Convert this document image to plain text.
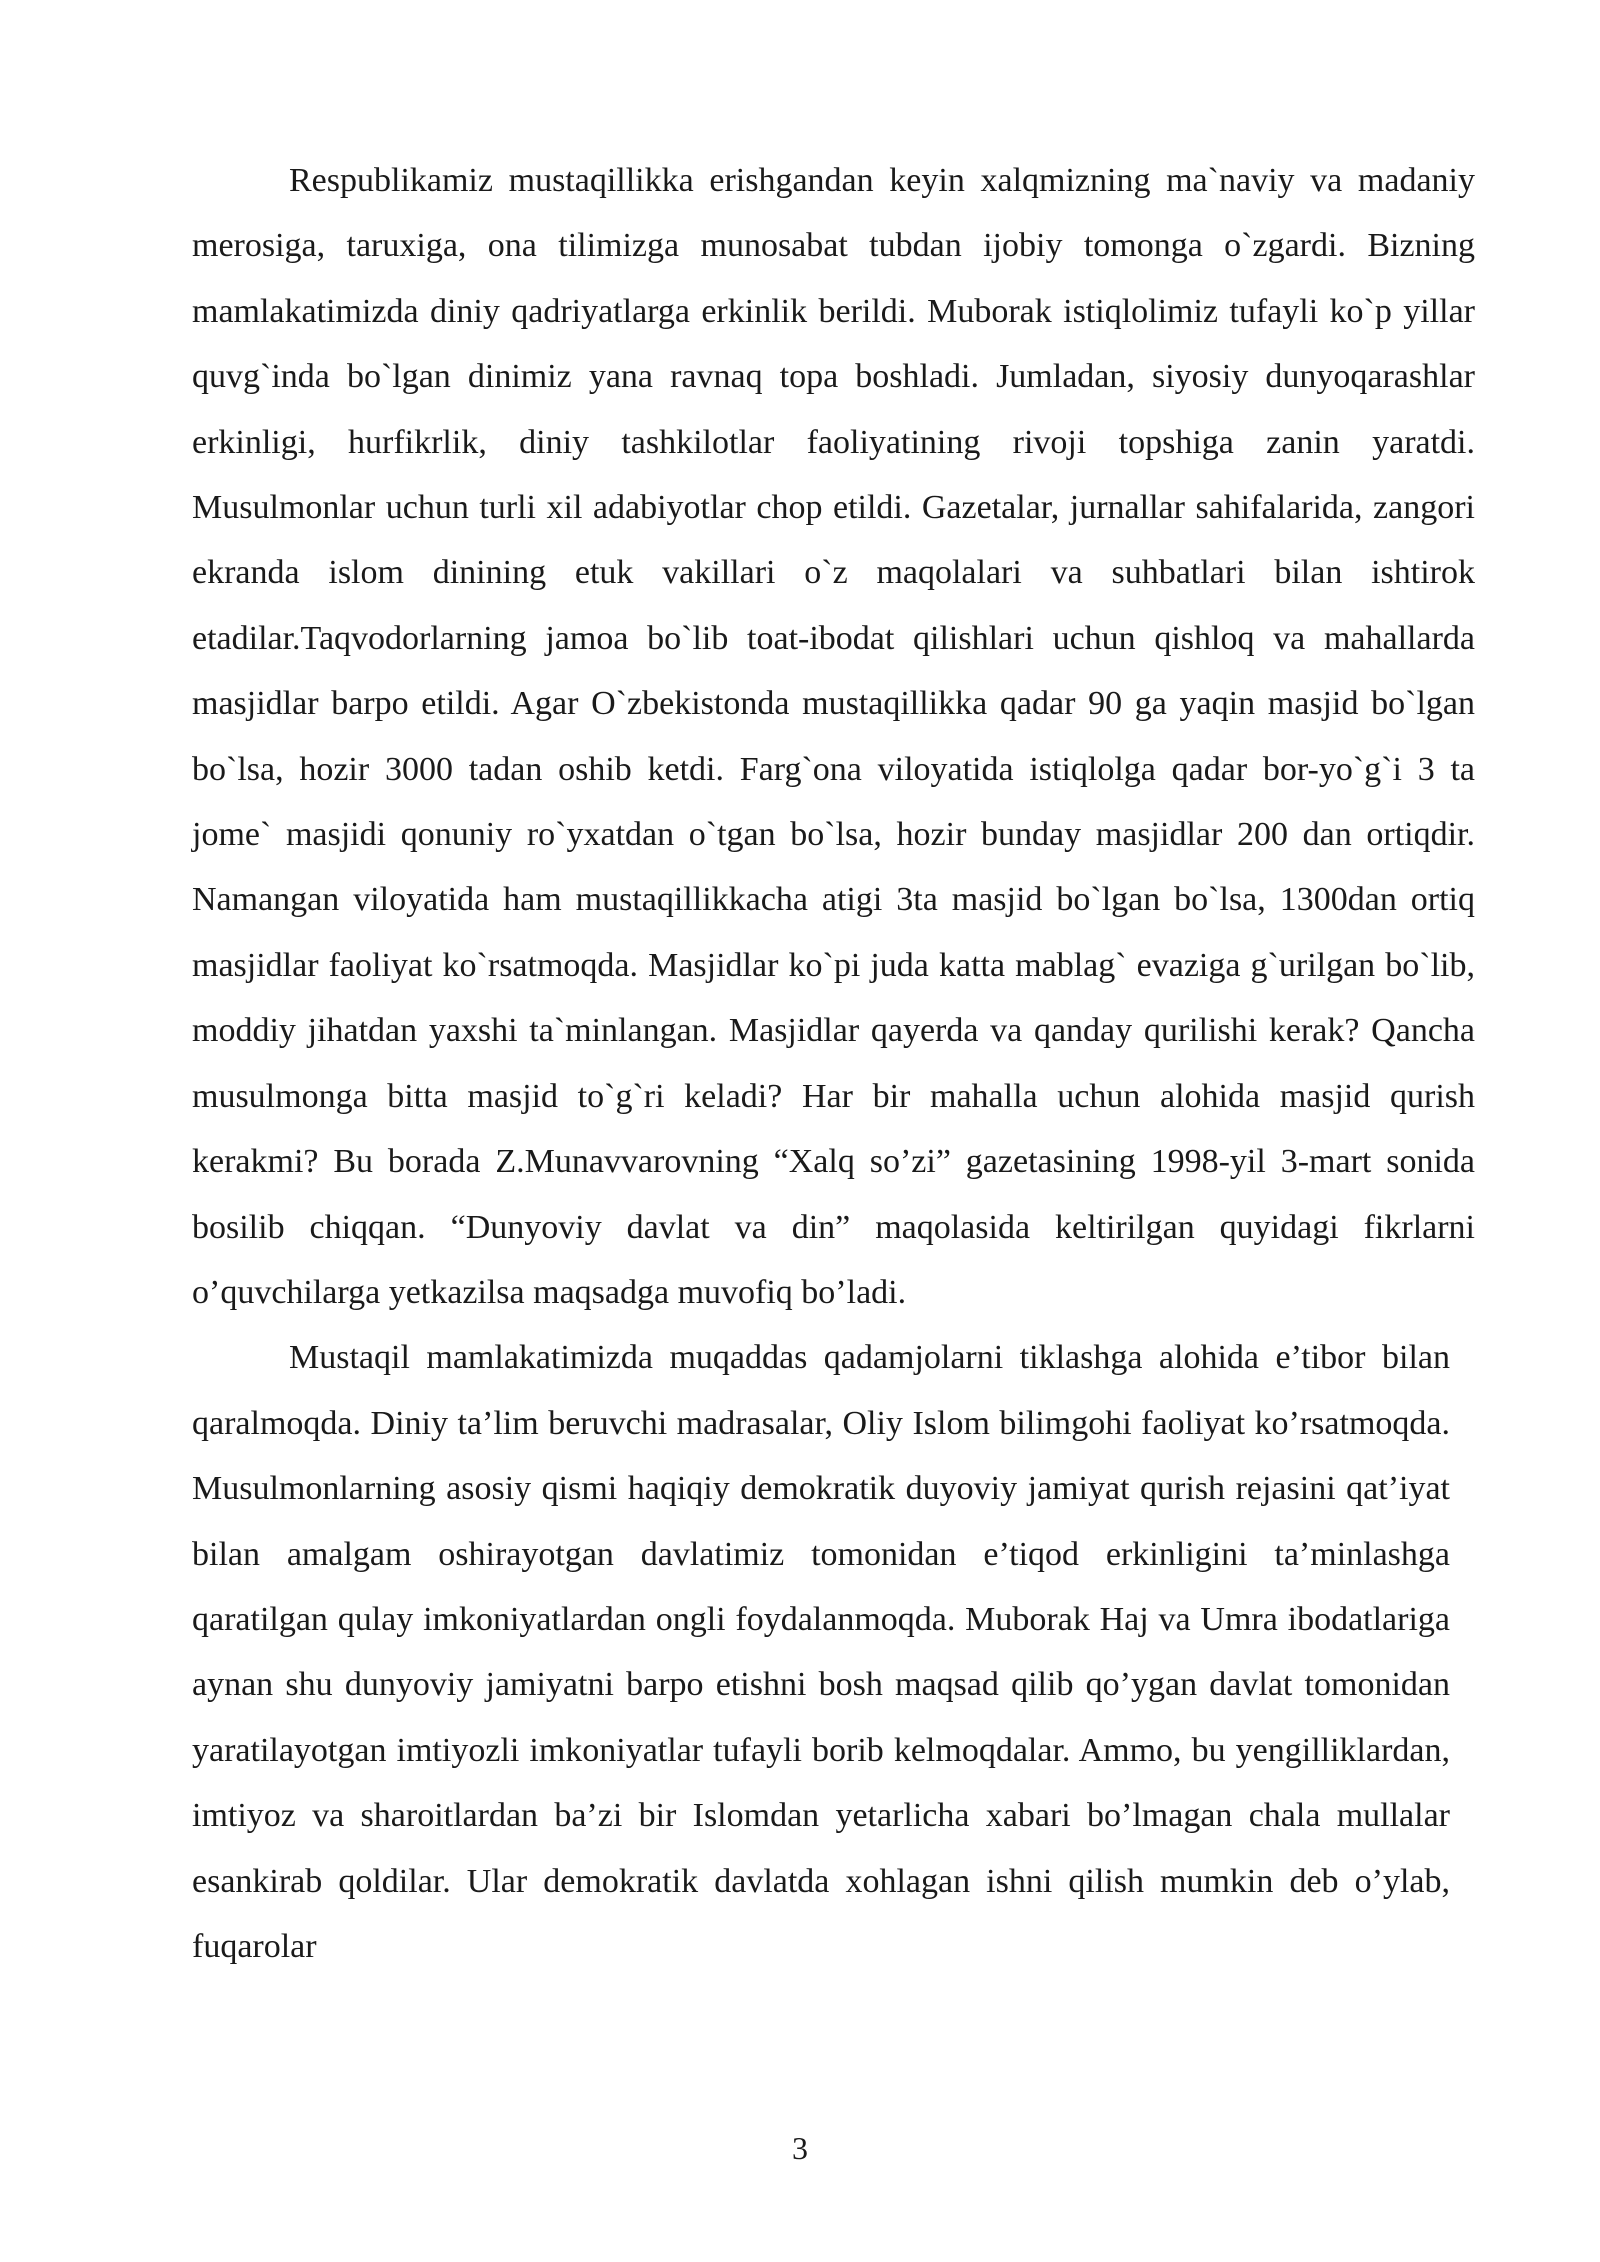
Respublikamiz mustaqillikka erishgandan keyin xalqmizning ma`naviy va madaniy merosiga, taruxiga, ona tilimizga munosabat tubdan ijobiy tomonga o`zgardi. Bizning mamlakatimizda diniy qadriyatlarga erkinlik berildi. Muborak istiqlolimiz tufayli ko`p yillar quvg`inda bo`lgan dinimiz yana ravnaq topa boshladi. Jumladan, siyosiy dunyoqarashlar erkinligi, hurfikrlik, diniy tashkilotlar faoliyatining rivoji topshiga zanin yaratdi. Musulmonlar uchun turli xil adabiyotlar chop etildi. Gazetalar, jurnallar sahifalarida, zangori ekranda islom dinining etuk vakillari o`z maqolalari va suhbatlari bilan ishtirok etadilar.Taqvodorlarning jamoa bo`lib toat-ibodat qilishlari uchun qishloq va mahallarda masjidlar barpo etildi. Agar O`zbekistonda mustaqillikka qadar 90 ga yaqin masjid bo`lgan bo`lsa, hozir 3000 tadan oshib ketdi. Farg`ona viloyatida istiqlolga qadar bor-yo`g`i 3 ta jome` masjidi qonuniy ro`yxatdan o`tgan bo`lsa, hozir bunday masjidlar 200 dan ortiqdir. Namangan viloyatida ham mustaqillikkacha atigi 3ta masjid bo`lgan bo`lsa, 1300dan ortiq masjidlar faoliyat ko`rsatmoqda. Masjidlar ko`pi juda katta mablag` evaziga g`urilgan bo`lib, moddiy jihatdan yaxshi ta`minlangan. Masjidlar qayerda va qanday qurilishi kerak? Qancha musulmonga bitta masjid to`g`ri keladi? Har bir mahalla uchun alohida masjid qurish kerakmi? Bu borada Z.Munavvarovning “Xalq so’zi” gazetasining 1998-yil 3-mart sonida bosilib chiqqan. “Dunyoviy davlat va din” maqolasida keltirilgan quyidagi fikrlarni o’quvchilarga yetkazilsa maqsadga muvofiq bo’ladi.

Mustaqil mamlakatimizda muqaddas qadamjolarni tiklashga alohida e’tibor bilan qaralmoqda. Diniy ta’lim beruvchi madrasalar, Oliy Islom bilimgohi faoliyat ko’rsatmoqda. Musulmonlarning asosiy qismi haqiqiy demokratik duyoviy jamiyat qurish rejasini qat’iyat bilan amalgam oshirayotgan davlatimiz tomonidan e’tiqod erkinligini ta’minlashga qaratilgan qulay imkoniyatlardan ongli foydalanmoqda. Muborak Haj va Umra ibodatlariga aynan shu dunyoviy jamiyatni barpo etishni bosh maqsad qilib qo’ygan davlat tomonidan yaratilayotgan imtiyozli imkoniyatlar tufayli borib kelmoqdalar. Ammo, bu yengilliklardan, imtiyoz va sharoitlardan ba’zi bir Islomdan yetarlicha xabari bo’lmagan chala mullalar esankirab qoldilar. Ular demokratik davlatda xohlagan ishni qilish mumkin deb o’ylab, fuqarolar

3
